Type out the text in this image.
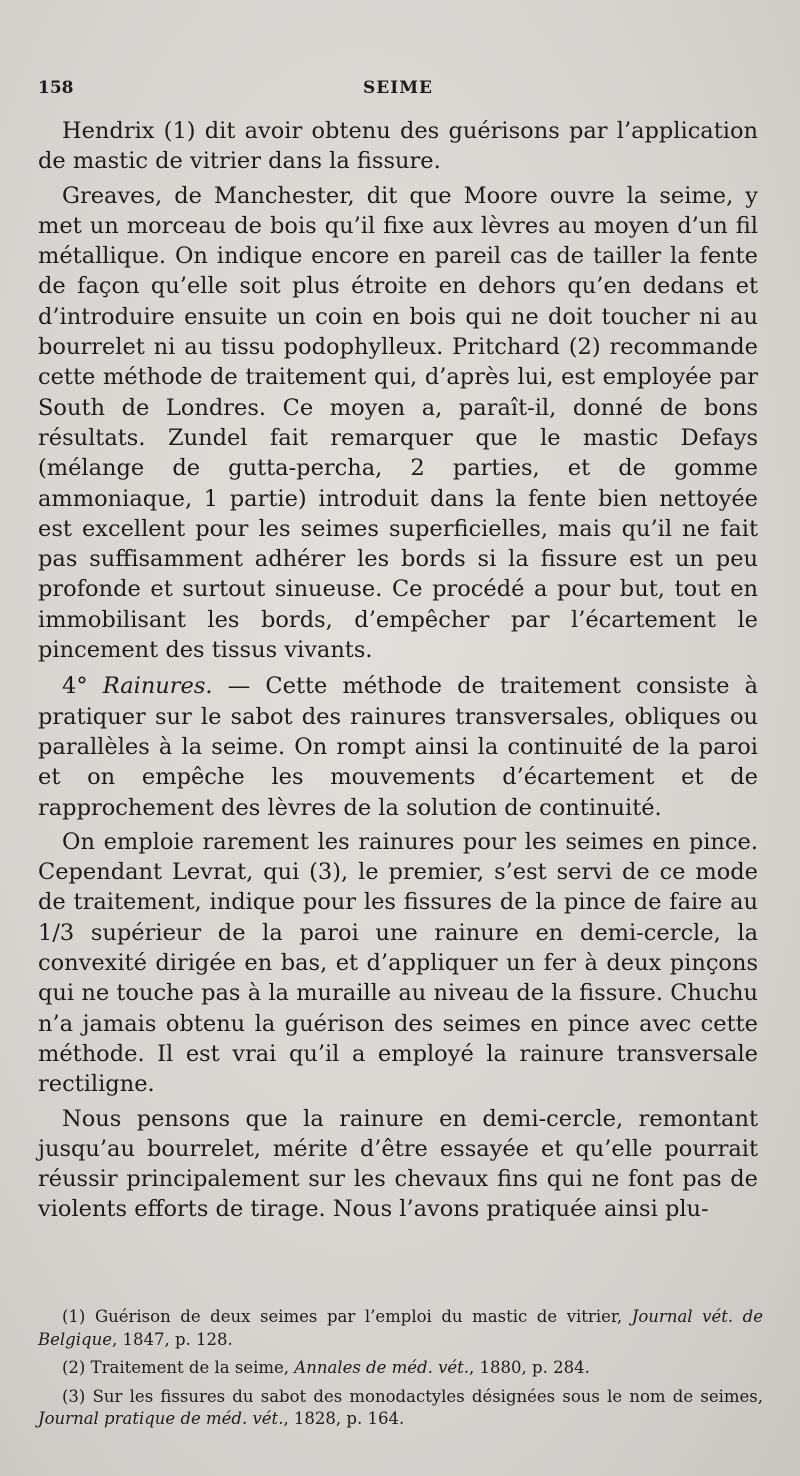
158	SEIME

Hendrix (1) dit avoir obtenu des guérisons par l’application de mastic de vitrier dans la fissure.

Greaves, de Manchester, dit que Moore ouvre la seime, y met un morceau de bois qu’il fixe aux lèvres au moyen d’un fil métallique. On indique encore en pareil cas de tailler la fente de façon qu’elle soit plus étroite en dehors qu’en dedans et d’introduire ensuite un coin en bois qui ne doit toucher ni au bourrelet ni au tissu podophylleux. Pritchard (2) recommande cette méthode de traitement qui, d’après lui, est employée par South de Londres. Ce moyen a, paraît-il, donné de bons résultats. Zundel fait remarquer que le mastic Defays (mélange de gutta-percha, 2 parties, et de gomme ammoniaque, 1 partie) introduit dans la fente bien nettoyée est excellent pour les seimes superficielles, mais qu’il ne fait pas suffisamment adhérer les bords si la fissure est un peu profonde et surtout sinueuse. Ce procédé a pour but, tout en immobilisant les bords, d’empêcher par l’écartement le pincement des tissus vivants.

4° Rainures. — Cette méthode de traitement consiste à pratiquer sur le sabot des rainures transversales, obliques ou parallèles à la seime. On rompt ainsi la continuité de la paroi et on empêche les mouvements d’écartement et de rapprochement des lèvres de la solution de continuité.

On emploie rarement les rainures pour les seimes en pince. Cependant Levrat, qui (3), le premier, s’est servi de ce mode de traitement, indique pour les fissures de la pince de faire au 1/3 supérieur de la paroi une rainure en demi-cercle, la convexité dirigée en bas, et d’appliquer un fer à deux pinçons qui ne touche pas à la muraille au niveau de la fissure. Chuchu n’a jamais obtenu la guérison des seimes en pince avec cette méthode. Il est vrai qu’il a employé la rainure transversale rectiligne.

Nous pensons que la rainure en demi-cercle, remontant jusqu’au bourrelet, mérite d’être essayée et qu’elle pourrait réussir principalement sur les chevaux fins qui ne font pas de violents efforts de tirage. Nous l’avons pratiquée ainsi plu-

(1) Guérison de deux seimes par l’emploi du mastic de vitrier, Journal vét. de Belgique, 1847, p. 128.

(2) Traitement de la seime, Annales de méd. vét., 1880, p. 284.

(3) Sur les fissures du sabot des monodactyles désignées sous le nom de seimes, Journal pratique de méd. vét., 1828, p. 164.
